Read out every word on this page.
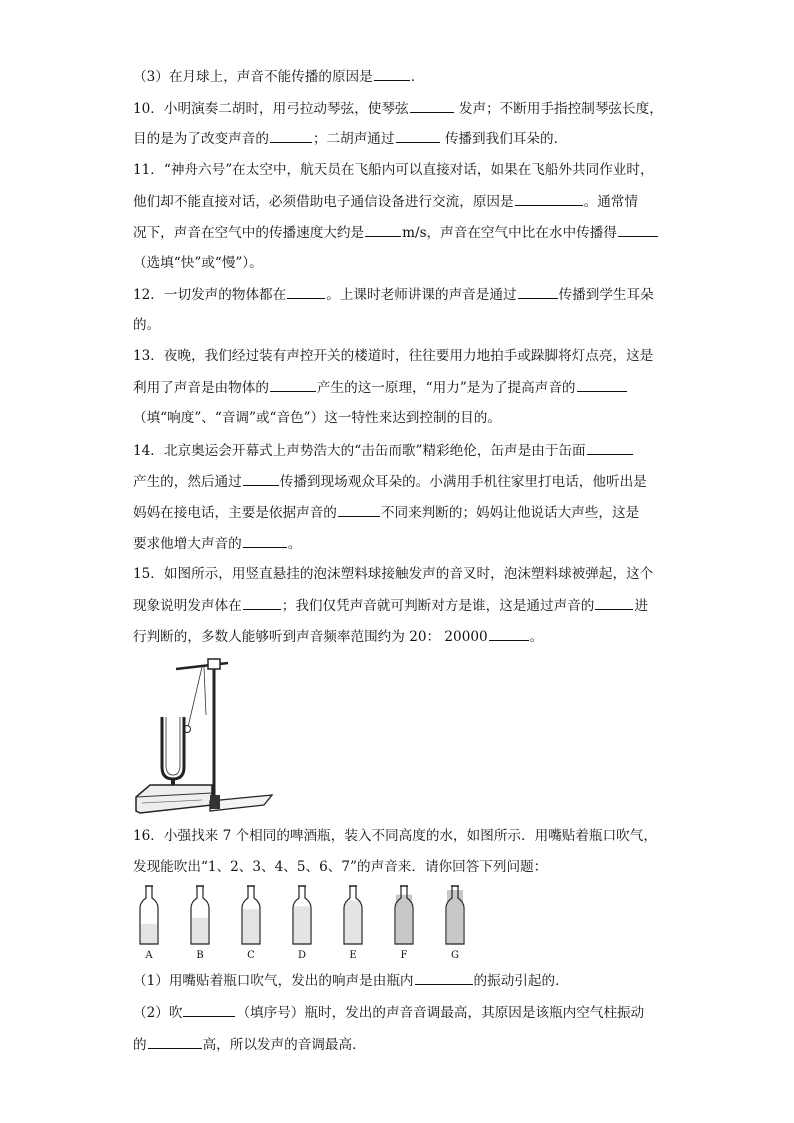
（3）在月球上，声音不能传播的原因是	．
10．小明演奏二胡时，用弓拉动琴弦，使琴弦	发声；不断用手指控制琴弦长度，
目的是为了改变声音的	；二胡声通过	传播到我们耳朵的．
11．“神舟六号”在太空中，航天员在飞船内可以直接对话，如果在飞船外共同作业时，
他们却不能直接对话，必须借助电子通信设备进行交流，原因是	。通常情
况下，声音在空气中的传播速度大约是	m/s，声音在空气中比在水中传播得
（选填“快”或“慢”）。
12．一切发声的物体都在	。上课时老师讲课的声音是通过	传播到学生耳朵
的。
13．夜晚，我们经过装有声控开关的楼道时，往往要用力地拍手或跺脚将灯点亮，这是
利用了声音是由物体的	产生的这一原理，“用力”是为了提高声音的
（填“响度”、“音调”或“音色”）这一特性来达到控制的目的。
14．北京奥运会开幕式上声势浩大的“击缶而歌”精彩绝伦，缶声是由于缶面
产生的，然后通过	传播到现场观众耳朵的。小满用手机往家里打电话，他听出是
妈妈在接电话，主要是依据声音的	不同来判断的；妈妈让他说话大声些，这是
要求他增大声音的	。
15．如图所示，用竖直悬挂的泡沫塑料球接触发声的音叉时，泡沫塑料球被弹起，这个
现象说明发声体在	；我们仅凭声音就可判断对方是谁，这是通过声音的	进
行判断的，多数人能够听到声音频率范围约为 20： 20000	。
16．小强找来 7 个相同的啤酒瓶，装入不同高度的水，如图所示．用嘴贴着瓶口吹气，
发现能吹出“1、2、3、4、5、6、7”的声音来．请你回答下列问题：
A	B	C	D	E	F	G
（1）用嘴贴着瓶口吹气，发出的响声是由瓶内	的振动引起的．
（2）吹	（填序号）瓶时，发出的声音音调最高，其原因是该瓶内空气柱振动
的	高，所以发声的音调最高．
